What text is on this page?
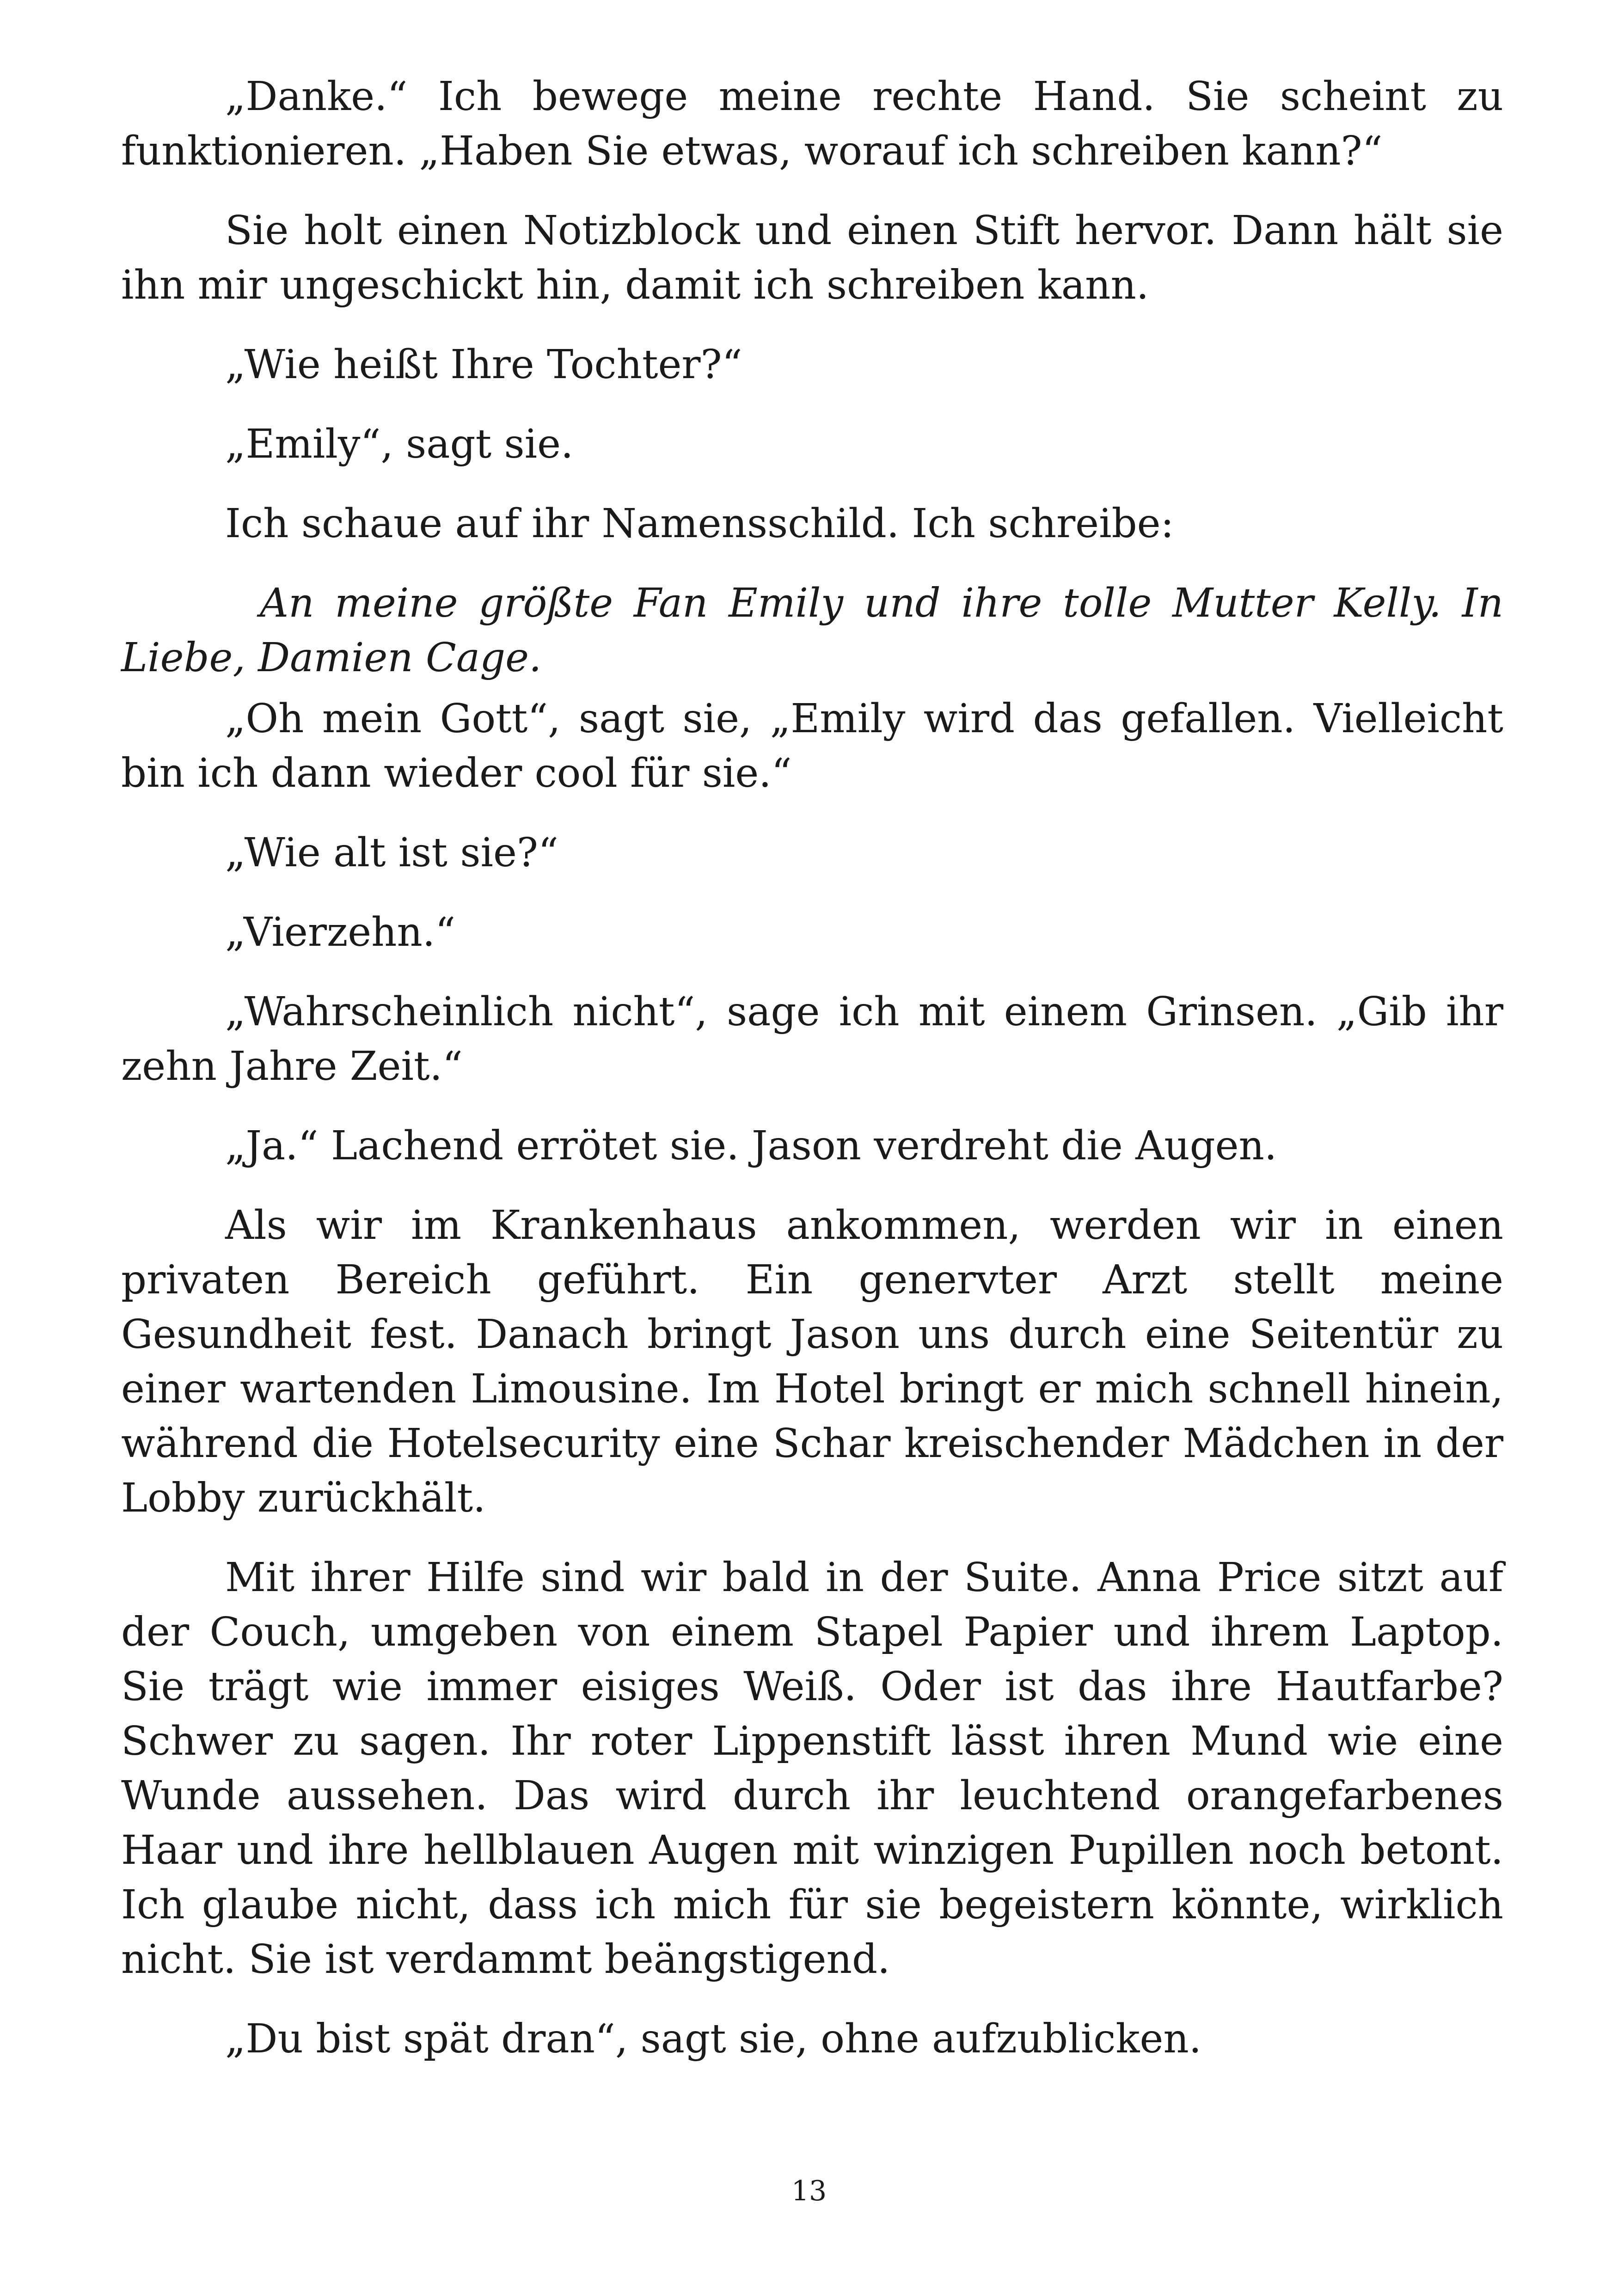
„Danke.“ Ich bewege meine rechte Hand. Sie scheint zu funktionieren. „Haben Sie etwas, worauf ich schreiben kann?“

Sie holt einen Notizblock und einen Stift hervor. Dann hält sie ihn mir ungeschickt hin, damit ich schreiben kann.

„Wie heißt Ihre Tochter?“

„Emily“, sagt sie.

Ich schaue auf ihr Namensschild. Ich schreibe:

An meine größte Fan Emily und ihre tolle Mutter Kelly. In Liebe, Damien Cage.

„Oh mein Gott“, sagt sie, „Emily wird das gefallen. Vielleicht bin ich dann wieder cool für sie.“

„Wie alt ist sie?“

„Vierzehn.“

„Wahrscheinlich nicht“, sage ich mit einem Grinsen. „Gib ihr zehn Jahre Zeit.“

„Ja.“ Lachend errötet sie. Jason verdreht die Augen.

Als wir im Krankenhaus ankommen, werden wir in einen privaten Bereich geführt. Ein genervter Arzt stellt meine Gesundheit fest. Danach bringt Jason uns durch eine Seitentür zu einer wartenden Limousine. Im Hotel bringt er mich schnell hinein, während die Hotelsecurity eine Schar kreischender Mädchen in der Lobby zurückhält.

Mit ihrer Hilfe sind wir bald in der Suite. Anna Price sitzt auf der Couch, umgeben von einem Stapel Papier und ihrem Laptop. Sie trägt wie immer eisiges Weiß. Oder ist das ihre Hautfarbe? Schwer zu sagen. Ihr roter Lippenstift lässt ihren Mund wie eine Wunde aussehen. Das wird durch ihr leuchtend orangefarbenes Haar und ihre hellblauen Augen mit winzigen Pupillen noch betont. Ich glaube nicht, dass ich mich für sie begeistern könnte, wirklich nicht. Sie ist verdammt beängstigend.

„Du bist spät dran“, sagt sie, ohne aufzublicken.

13
